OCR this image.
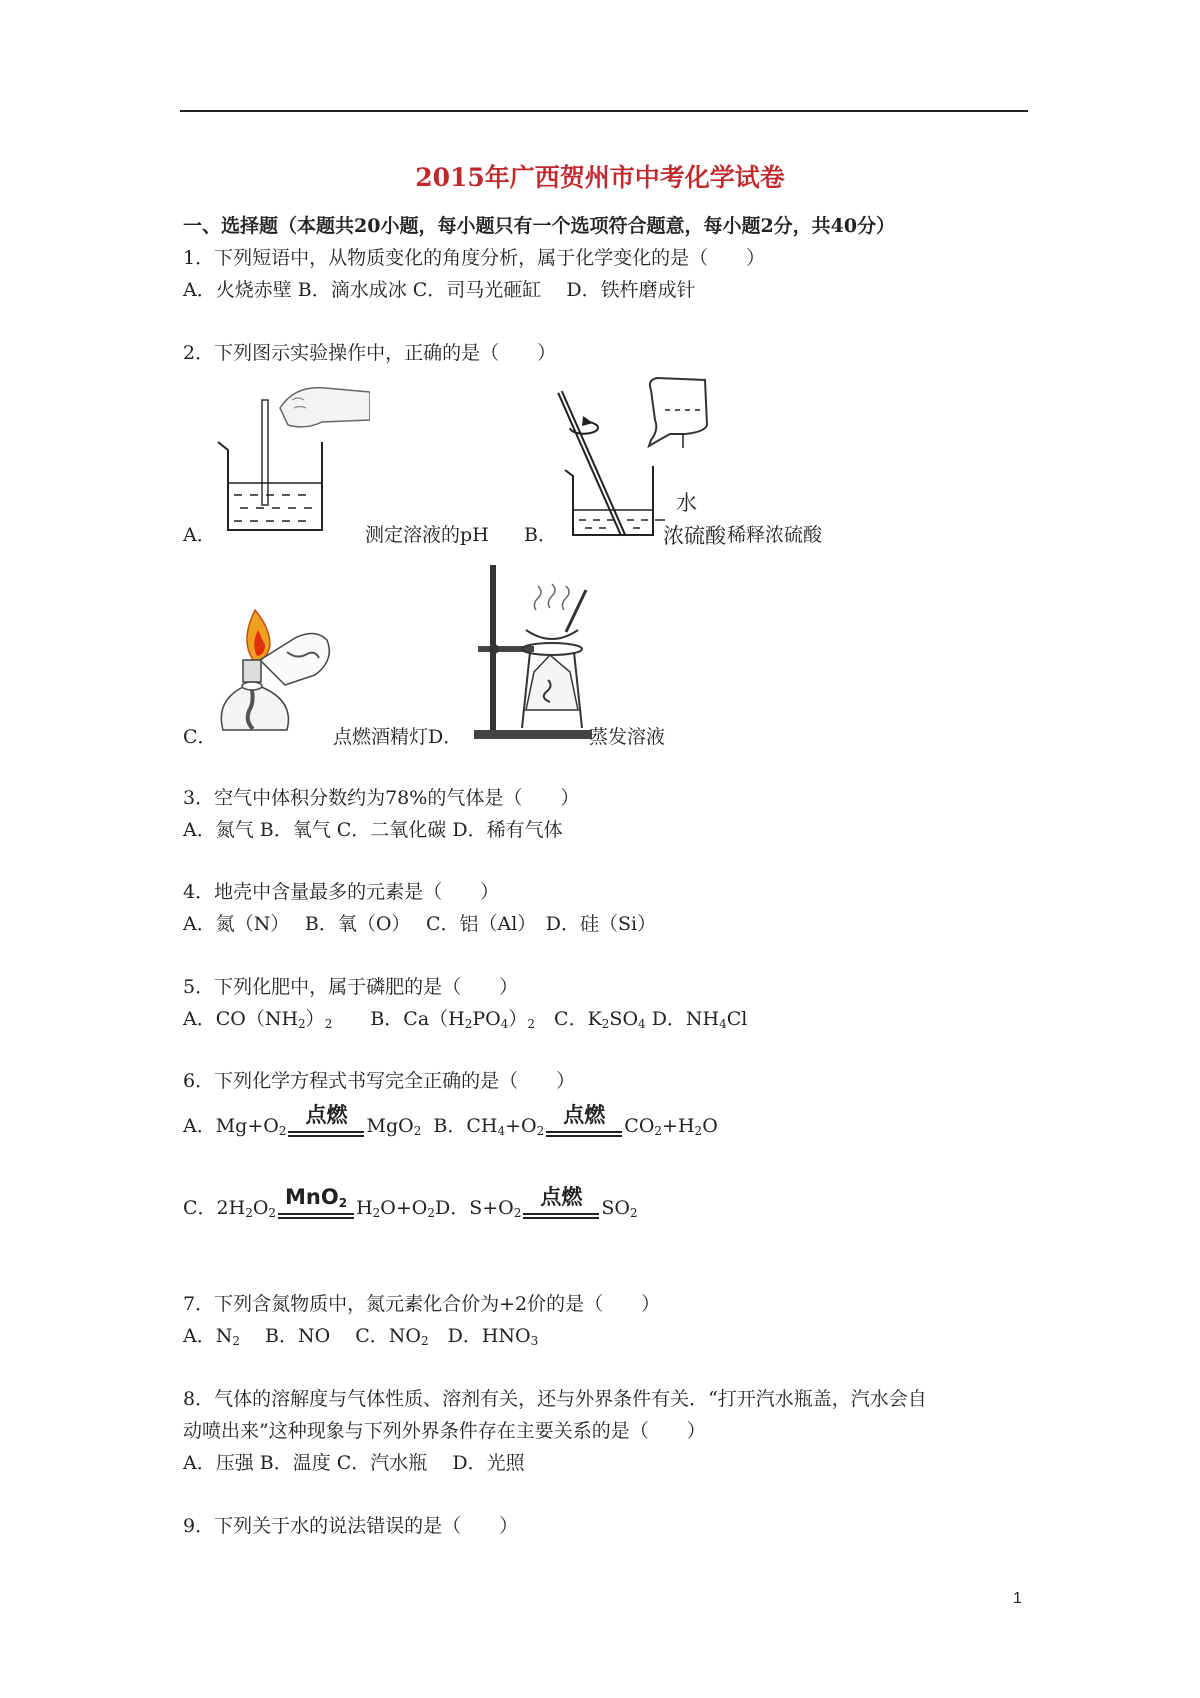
2015年广西贺州市中考化学试卷
一、选择题（本题共20小题，每小题只有一个选项符合题意，每小题2分，共40分）
1．下列短语中，从物质变化的角度分析，属于化学变化的是（　　）
A．火烧赤壁 B．滴水成冰 C．司马光砸缸　 D．铁杵磨成针
2．下列图示实验操作中，正确的是（　　）
A．	测定溶液的pH B．
水
浓硫酸 稀释浓硫酸
C．	点燃酒精灯D．	蒸发溶液
3．空气中体积分数约为78%的气体是（　　）
A．氮气 B．氧气 C．二氧化碳 D．稀有气体
4．地壳中含量最多的元素是（　　）
A．氮（N）　 B．氧（O）　 C．铝（Al）　D．硅（Si）
5．下列化肥中，属于磷肥的是（　　）
A．$CO(NH_2)_2$　　B．$Ca(H_2PO_4)_2$　C．$K_2SO_4$ D．$NH_4Cl$
6．下列化学方程式书写完全正确的是（　　）
A．$Mg+O_2$
点燃	MgO$_2$ B．$CH_4+O_2$
点燃	$CO_2+H_2O$
C．$2H_2O_2$
MnO$_2$ $H_2O+O_2D$．$S+O_2$
点燃	$SO_2$
7．下列含氮物质中，氮元素化合价为+2价的是（　　）
A．$N_2$　 B．NO　 C．$NO_2$　D．$HNO_3$
8．气体的溶解度与气体性质、溶剂有关，还与外界条件有关．“打开汽水瓶盖，汽水会自
动喷出来”这种现象与下列外界条件存在主要关系的是（　　）
A．压强 B．温度 C．汽水瓶　 D．光照
9．下列关于水的说法错误的是（　　）
1
